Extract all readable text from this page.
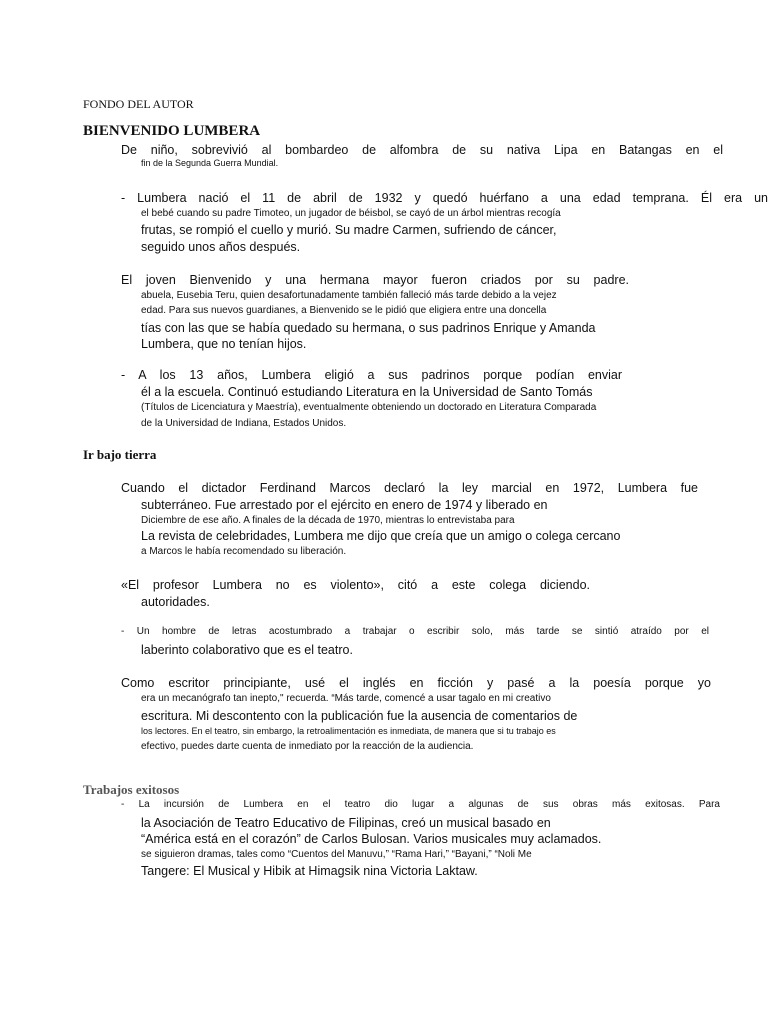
FONDO DEL AUTOR
BIENVENIDO LUMBERA
De niño, sobrevivió al bombardeo de alfombra de su nativa Lipa en Batangas en el
fin de la Segunda Guerra Mundial.
- Lumbera nació el 11 de abril de 1932 y quedó huérfano a una edad temprana. Él era un
el bebé cuando su padre Timoteo, un jugador de béisbol, se cayó de un árbol mientras recogía
frutas, se rompió el cuello y murió. Su madre Carmen, sufriendo de cáncer,
seguido unos años después.
El joven Bienvenido y una hermana mayor fueron criados por su padre.
abuela, Eusebia Teru, quien desafortunadamente también falleció más tarde debido a la vejez
edad. Para sus nuevos guardianes, a Bienvenido se le pidió que eligiera entre una doncella
tías con las que se había quedado su hermana, o sus padrinos Enrique y Amanda
Lumbera, que no tenían hijos.
- A los 13 años, Lumbera eligió a sus padrinos porque podían enviar
él a la escuela. Continuó estudiando Literatura en la Universidad de Santo Tomás
(Títulos de Licenciatura y Maestría), eventualmente obteniendo un doctorado en Literatura Comparada
de la Universidad de Indiana, Estados Unidos.
Ir bajo tierra
Cuando el dictador Ferdinand Marcos declaró la ley marcial en 1972, Lumbera fue
subterráneo. Fue arrestado por el ejército en enero de 1974 y liberado en
Diciembre de ese año. A finales de la década de 1970, mientras lo entrevistaba para
La revista de celebridades, Lumbera me dijo que creía que un amigo o colega cercano
a Marcos le había recomendado su liberación.
«El profesor Lumbera no es violento», citó a este colega diciendo.
autoridades.
- Un hombre de letras acostumbrado a trabajar o escribir solo, más tarde se sintió atraído por el
laberinto colaborativo que es el teatro.
Como escritor principiante, usé el inglés en ficción y pasé a la poesía porque yo
era un mecanógrafo tan inepto," recuerda. “Más tarde, comencé a usar tagalo en mi creativo
escritura. Mi descontento con la publicación fue la ausencia de comentarios de
los lectores. En el teatro, sin embargo, la retroalimentación es inmediata, de manera que si tu trabajo es
efectivo, puedes darte cuenta de inmediato por la reacción de la audiencia.
Trabajos exitosos
- La incursión de Lumbera en el teatro dio lugar a algunas de sus obras más exitosas. Para
la Asociación de Teatro Educativo de Filipinas, creó un musical basado en
“América está en el corazón” de Carlos Bulosan. Varios musicales muy aclamados.
se siguieron dramas, tales como “Cuentos del Manuvu,” “Rama Hari,” “Bayani,” “Noli Me
Tangere: El Musical y Hibik at Himagsik nina Victoria Laktaw.
